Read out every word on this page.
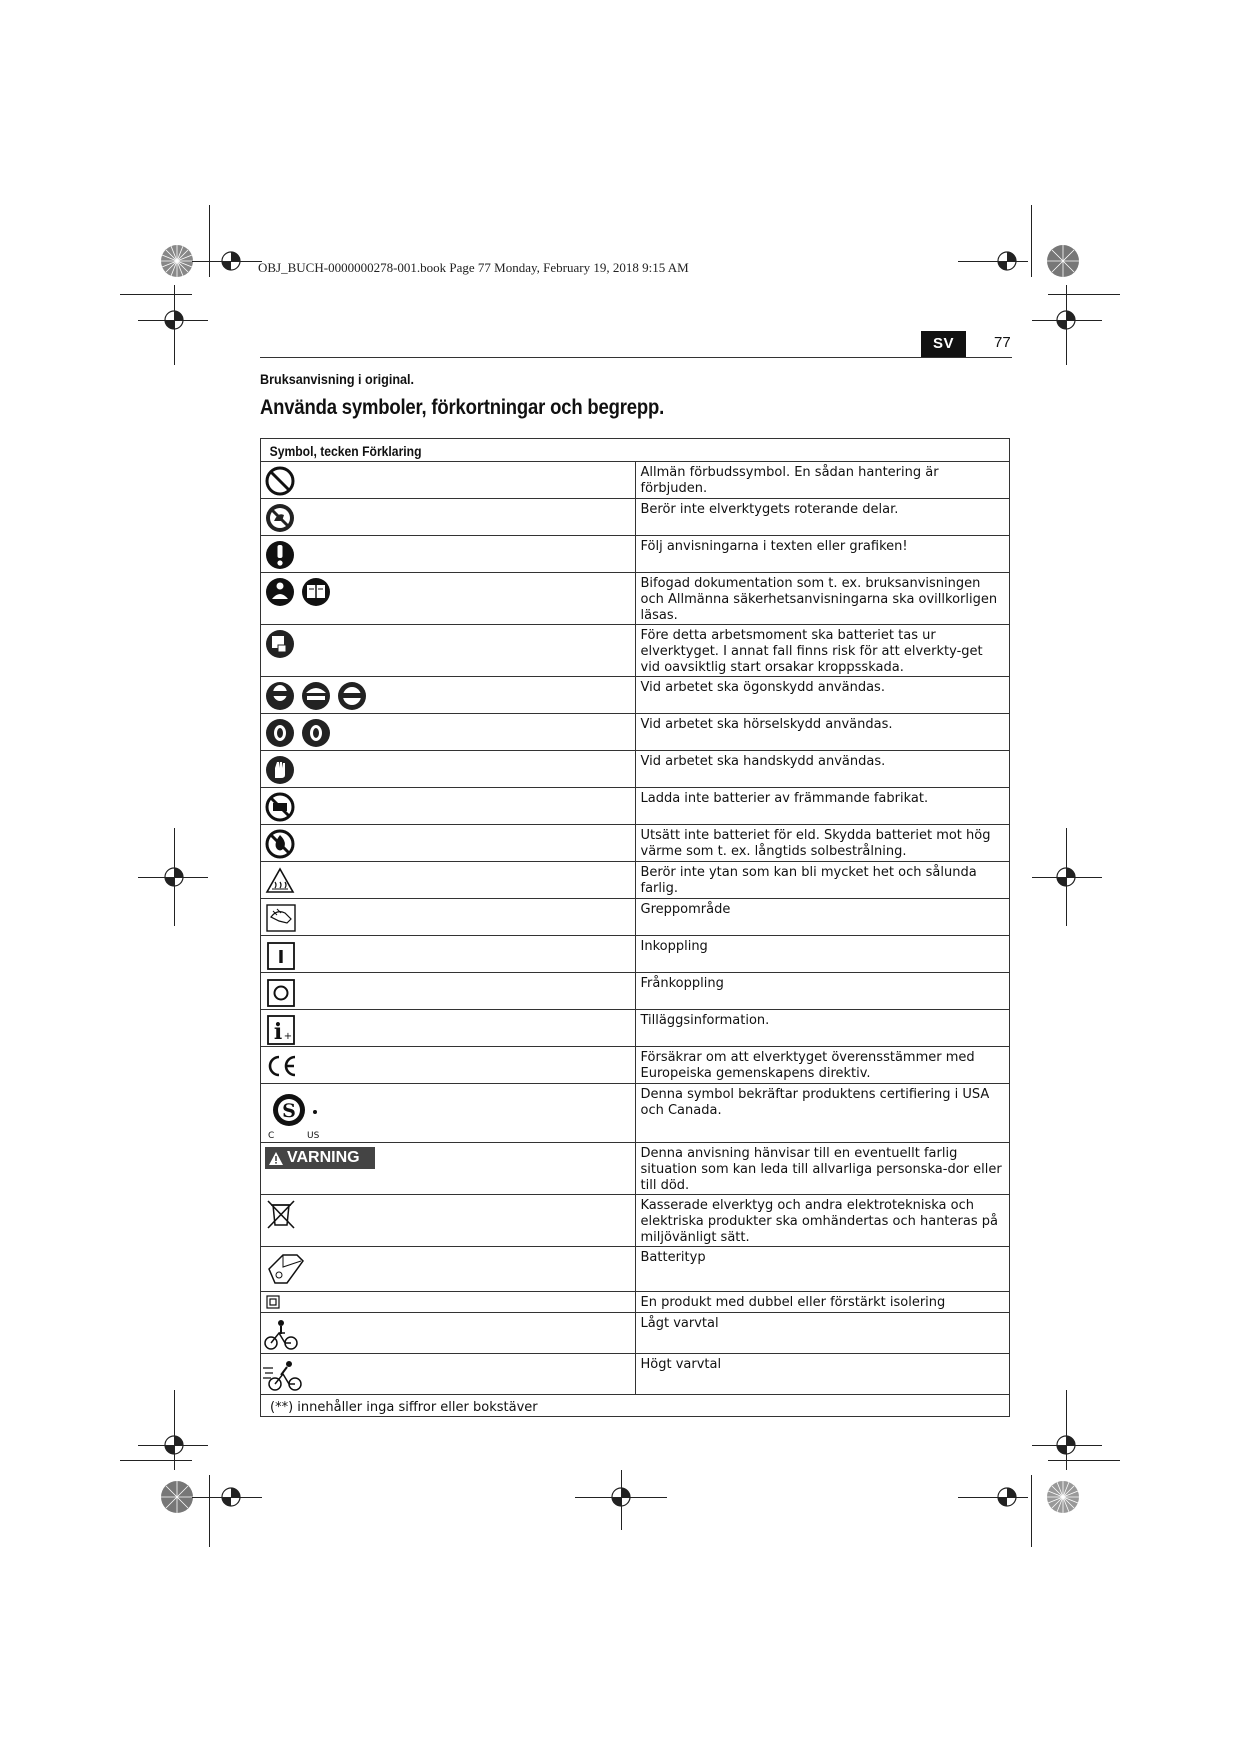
OBJ_BUCH-0000000278-001.book Page 77 Monday, February 19, 2018 9:15 AM
SV	77
Bruksanvisning i original.
Använda symboler, förkortningar och begrepp.
Symbol, tecken Förklaring	

	Allmän förbudssymbol. En sådan hantering är förbjuden.

	Berör inte elverktygets roterande delar.

	Följ anvisningarna i texten eller grafiken!

	Bifogad dokumentation som t. ex. bruksanvisningen och Allmänna säkerhetsanvisningarna ska ovillkorligen läsas.

	Före detta arbetsmoment ska batteriet tas ur elverktyget. I annat fall finns risk för att elverkty-get vid oavsiktlig start orsakar kroppsskada.

	Vid arbetet ska ögonskydd användas.

	Vid arbetet ska hörselskydd användas.

	Vid arbetet ska handskydd användas.

	Ladda inte batterier av främmande fabrikat.

	Utsätt inte batteriet för eld. Skydda batteriet mot hög värme som t. ex. långtids solbestrålning.

	Berör inte ytan som kan bli mycket het och sålunda farlig.

	Greppområde

I	Inkoppling

	Frånkoppling

i +	Tilläggsinformation.

	Försäkrar om att elverktyget överensstämmer med Europeiska gemenskapens direktiv.

S
C US	Denna symbol bekräftar produktens certifiering i USA och Canada.

VARNING	Denna anvisning hänvisar till en eventuellt farlig situation som kan leda till allvarliga personska-dor eller till död.

	Kasserade elverktyg och andra elektrotekniska och elektriska produkter ska omhändertas och hanteras på miljövänligt sätt.

	Batterityp

	En produkt med dubbel eller förstärkt isolering

	Lågt varvtal

	Högt varvtal
(**) innehåller inga siffror eller bokstäver	
